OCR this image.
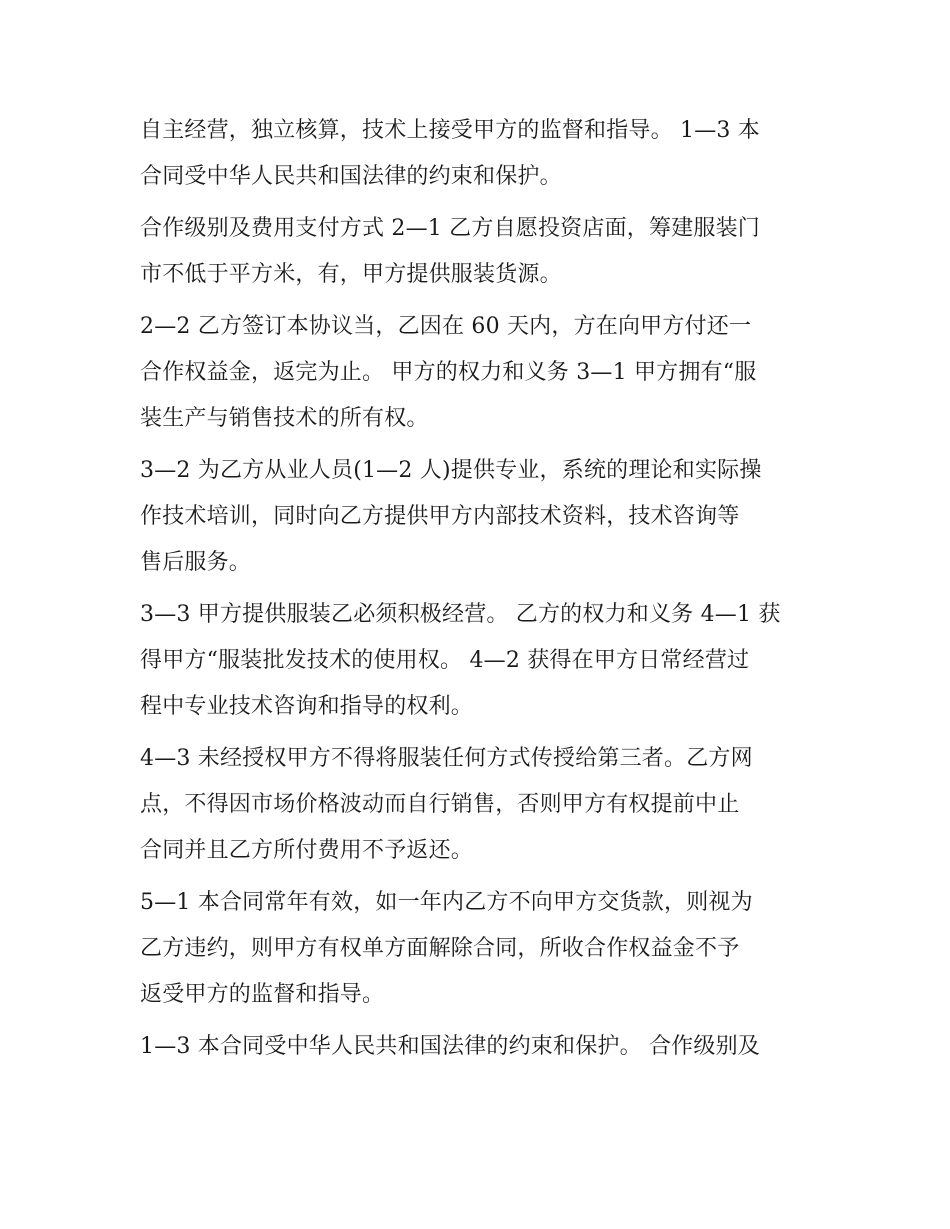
自主经营，独立核算，技术上接受甲方的监督和指导。 1—3 本
合同受中华人民共和国法律的约束和保护。
合作级别及费用支付方式 2—1 乙方自愿投资店面，筹建服装门
市不低于平方米，有，甲方提供服装货源。
2—2 乙方签订本协议当，乙因在 60 天内，方在向甲方付还一
合作权益金，返完为止。 甲方的权力和义务 3—1 甲方拥有“服
装生产与销售技术的所有权。
3—2 为乙方从业人员(1—2 人)提供专业，系统的理论和实际操
作技术培训，同时向乙方提供甲方内部技术资料，技术咨询等
售后服务。
3—3 甲方提供服装乙必须积极经营。 乙方的权力和义务 4—1 获
得甲方“服装批发技术的使用权。 4—2 获得在甲方日常经营过
程中专业技术咨询和指导的权利。
4—3 未经授权甲方不得将服装任何方式传授给第三者。乙方网
点，不得因市场价格波动而自行销售，否则甲方有权提前中止
合同并且乙方所付费用不予返还。
5—1 本合同常年有效，如一年内乙方不向甲方交货款，则视为
乙方违约，则甲方有权单方面解除合同，所收合作权益金不予
返受甲方的监督和指导。
1—3 本合同受中华人民共和国法律的约束和保护。 合作级别及
